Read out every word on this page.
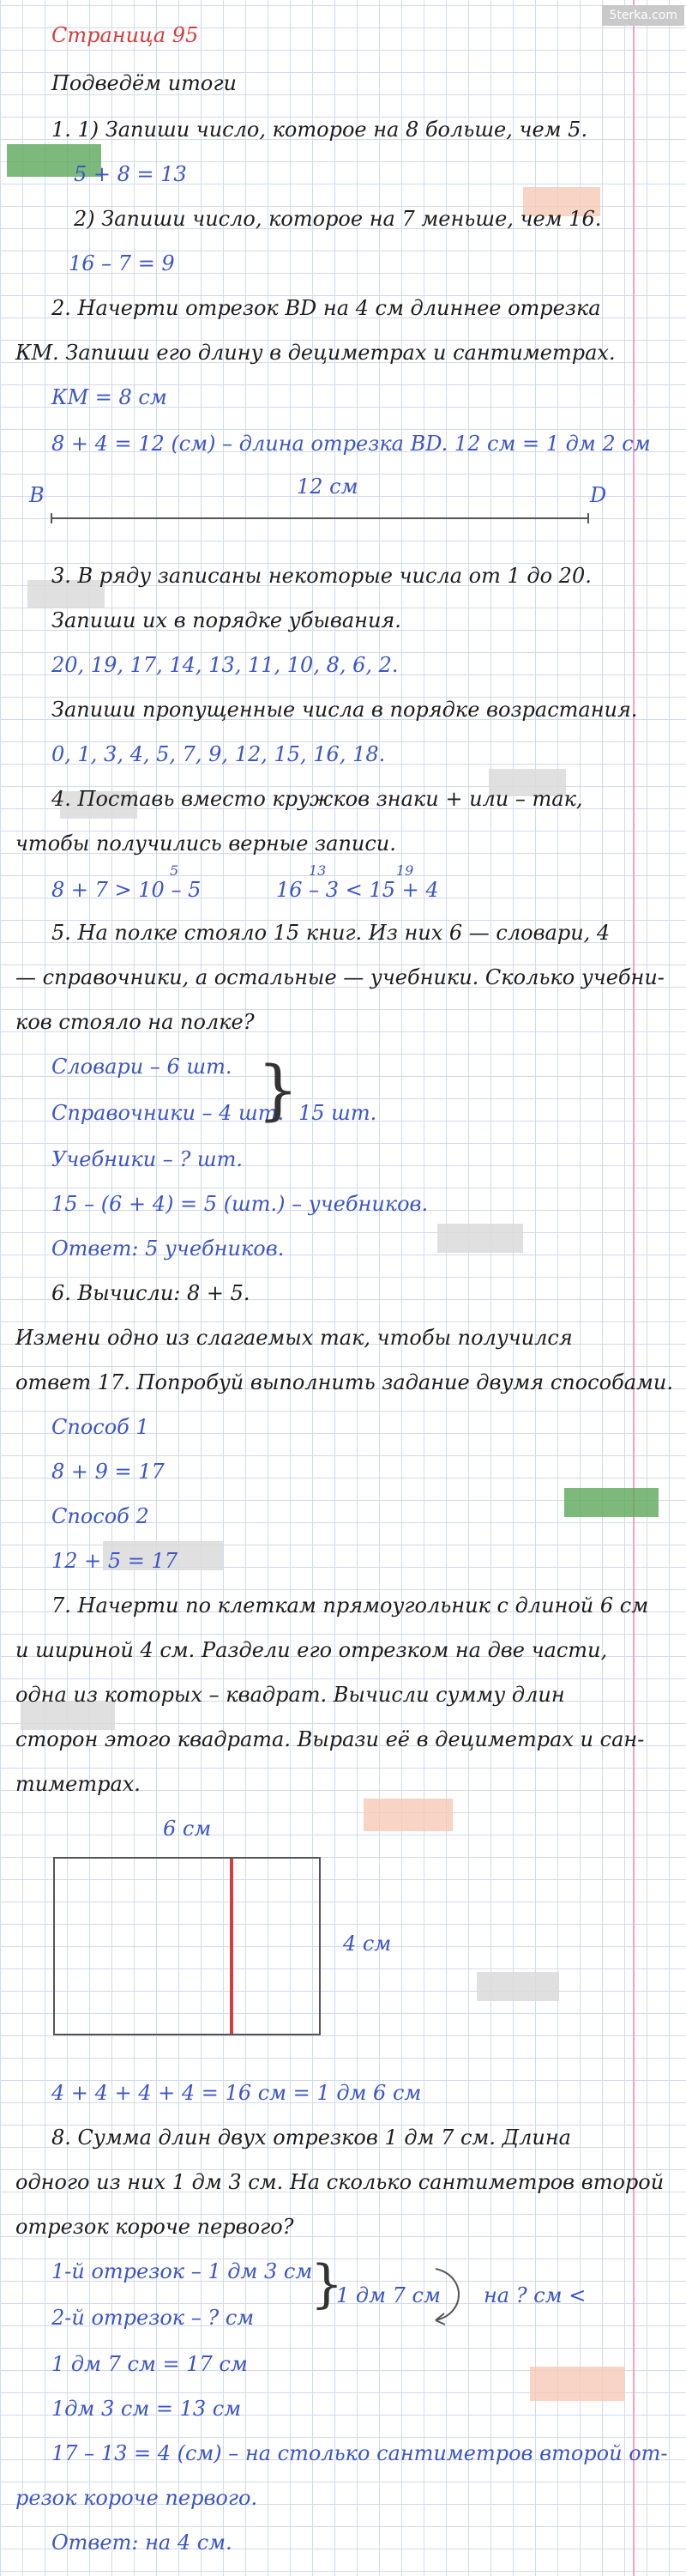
5terka.com
Страница 95
Подведём итоги
1. 1) Запиши число, которое на 8 больше, чем 5.
5 + 8 = 13
2) Запиши число, которое на 7 меньше, чем 16.
16 – 7 = 9
2. Начерти отрезок ВD на 4 см длиннее отрезка
КМ. Запиши его длину в дециметрах и сантиметрах.
КМ = 8 см
8 + 4 = 12 (см) – длина отрезка ВD. 12 см = 1 дм 2 см
B	12 см	D
3. В ряду записаны некоторые числа от 1 до 20.
Запиши их в порядке убывания.
20, 19, 17, 14, 13, 11, 10, 8, 6, 2.
Запиши пропущенные числа в порядке возрастания.
0, 1, 3, 4, 5, 7, 9, 12, 15, 16, 18.
4. Поставь вместо кружков знаки + или – так,
чтобы получились верные записи.
5	13	19
8 + 7 > 10 – 5	16 – 3 < 15 + 4
5. На полке стояло 15 книг. Из них 6 — словари, 4
— справочники, а остальные — учебники. Сколько учебни-
ков стояло на полке?
Словари – 6 шт.
Справочники – 4 шт.
Учебники – ? шт.
} 15 шт.
15 – (6 + 4) = 5 (шт.) – учебников.
Ответ: 5 учебников.
6. Вычисли: 8 + 5.
Измени одно из слагаемых так, чтобы получился
ответ 17. Попробуй выполнить задание двумя способами.
Способ 1
8 + 9 = 17
Способ 2
12 + 5 = 17
7. Начерти по клеткам прямоугольник с длиной 6 см
и шириной 4 см. Раздели его отрезком на две части,
одна из которых – квадрат. Вычисли сумму длин
сторон этого квадрата. Вырази её в дециметрах и сан-
тиметрах.
6 см
4 см
4 + 4 + 4 + 4 = 16 см = 1 дм 6 см
8. Сумма длин двух отрезков 1 дм 7 см. Длина
одного из них 1 дм 3 см. На сколько сантиметров второй
отрезок короче первого?
1-й отрезок – 1 дм 3 см
2-й отрезок – ? см
}
1 дм 7 см на ? см <
1 дм 7 см = 17 см
1дм 3 см = 13 см
17 – 13 = 4 (см) – на столько сантиметров второй от-
резок короче первого.
Ответ: на 4 см.
